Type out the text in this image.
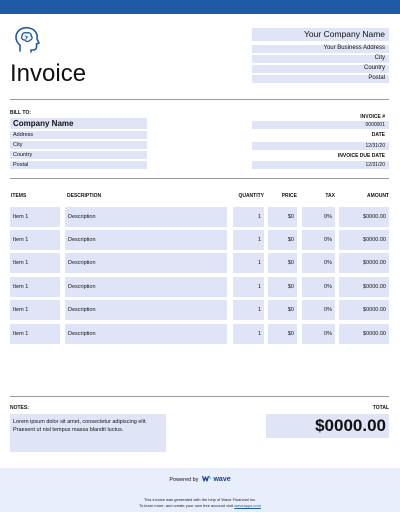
Invoice
Your Company Name
Your Business Address
City
Country
Postal
BILL TO:
Company Name
Address
City
Country
Postal
INVOICE #
0000001
DATE
12/31/20
INVOICE DUE DATE
12/31/20
ITEMS	DESCRIPTION	QUANTITY	PRICE	TAX	AMOUNT
Item 1	Description	1	$0	0%	$0000.00
Item 1	Description	1	$0	0%	$0000.00
Item 1	Description	1	$0	0%	$0000.00
Item 1	Description	1	$0	0%	$0000.00
Item 1	Description	1	$0	0%	$0000.00
Item 1	Description	1	$0	0%	$0000.00
NOTES:
Lorem ipsum dolor sit amet, consectetur adipiscing elit. Praesent ut nisl tempus massa blandit luctus.
TOTAL
$0000.00
Powered by wave
This invoice was generated with the help of Wave Financial Inc.
To learn more, and create your own free account visit waveapps.com
